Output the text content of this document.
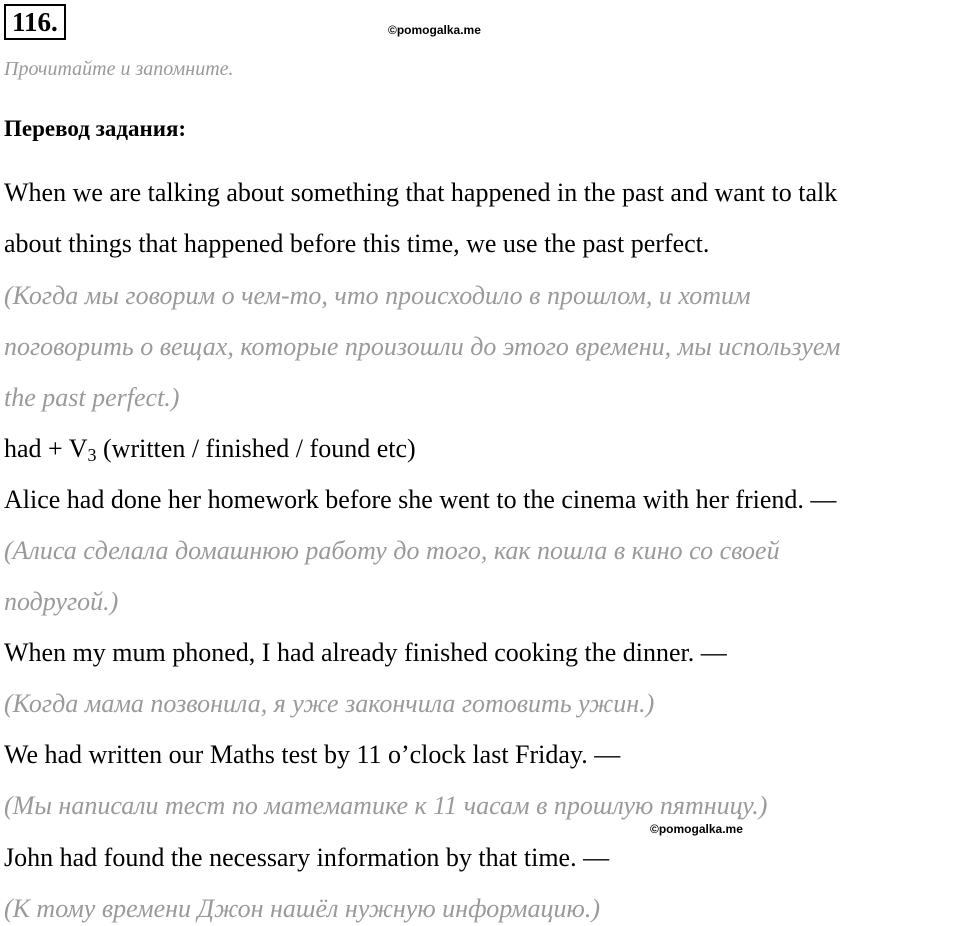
116.	©pomogalka.me
Прочитайте и запомните.
Перевод задания:
When we are talking about something that happened in the past and want to talk
about things that happened before this time, we use the past perfect.
(Когда мы говорим о чем-то, что происходило в прошлом, и хотим
поговорить о вещах, которые произошли до этого времени, мы используем
the past perfect.)
had + $V_3$ (written / finished / found etc)
Alice had done her homework before she went to the cinema with her friend. —
(Алиса сделала домашнюю работу до того, как пошла в кино со своей
подругой.)
When my mum phoned, I had already finished cooking the dinner. —
(Когда мама позвонила, я уже закончила готовить ужин.)
We had written our Maths test by 11 o’clock last Friday. —
(Мы написали тест по математике к 11 часам в прошлую пятницу.)
©pomogalka.me
John had found the necessary information by that time. —
(К тому времени Джон нашёл нужную информацию.)
